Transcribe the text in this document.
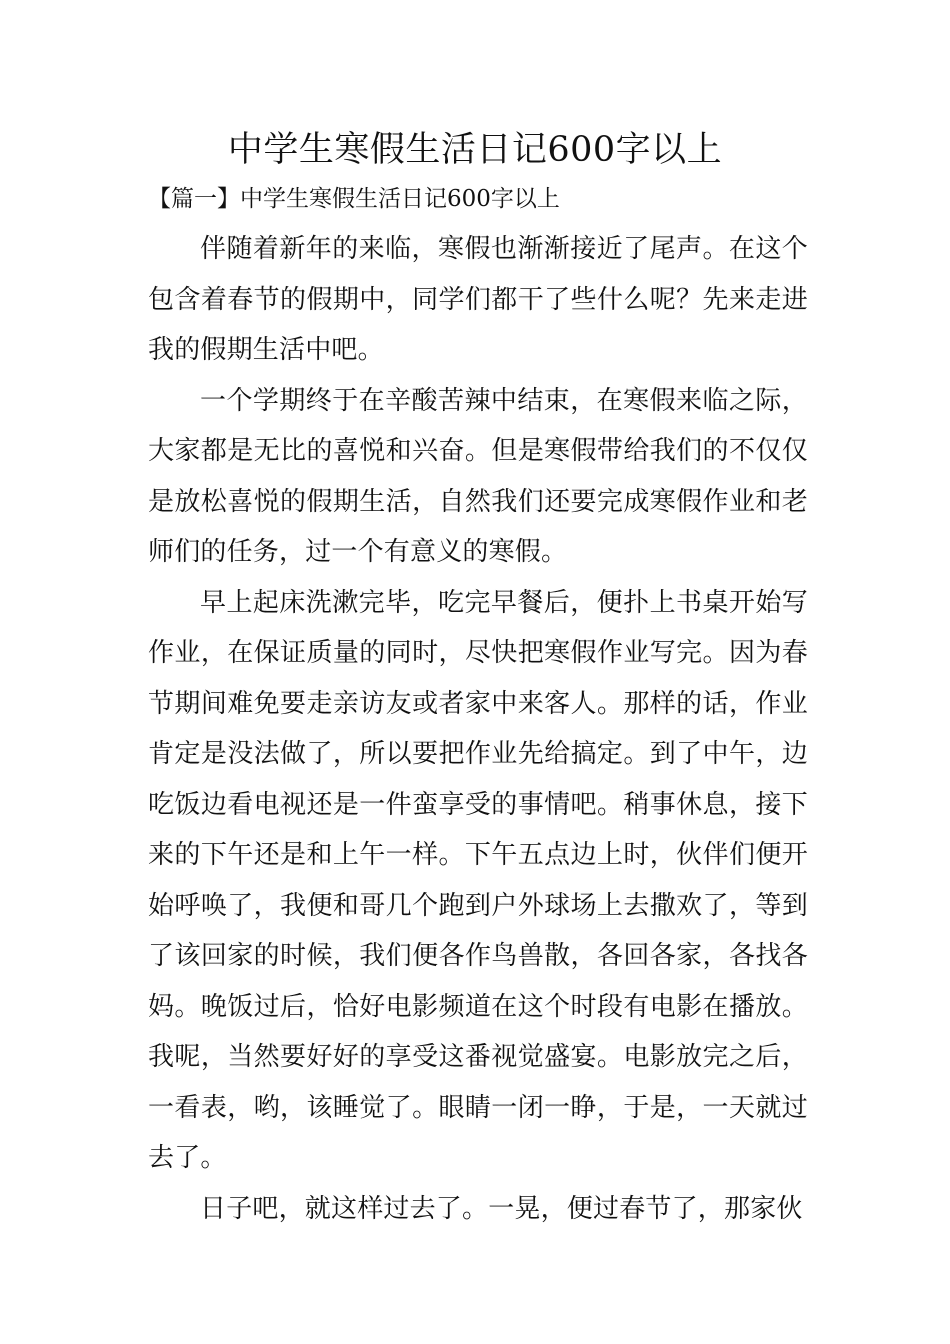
中学生寒假生活日记600字以上

【篇一】中学生寒假生活日记600字以上

伴随着新年的来临，寒假也渐渐接近了尾声。在这个包含着春节的假期中，同学们都干了些什么呢？先来走进我的假期生活中吧。

一个学期终于在辛酸苦辣中结束，在寒假来临之际，大家都是无比的喜悦和兴奋。但是寒假带给我们的不仅仅是放松喜悦的假期生活，自然我们还要完成寒假作业和老师们的任务，过一个有意义的寒假。

早上起床洗漱完毕，吃完早餐后，便扑上书桌开始写作业，在保证质量的同时，尽快把寒假作业写完。因为春节期间难免要走亲访友或者家中来客人。那样的话，作业肯定是没法做了，所以要把作业先给搞定。到了中午，边吃饭边看电视还是一件蛮享受的事情吧。稍事休息，接下来的下午还是和上午一样。下午五点边上时，伙伴们便开始呼唤了，我便和哥几个跑到户外球场上去撒欢了，等到了该回家的时候，我们便各作鸟兽散，各回各家，各找各妈。晚饭过后，恰好电影频道在这个时段有电影在播放。我呢，当然要好好的享受这番视觉盛宴。电影放完之后，一看表，哟，该睡觉了。眼睛一闭一睁，于是，一天就过去了。

日子吧，就这样过去了。一晃，便过春节了，那家伙
